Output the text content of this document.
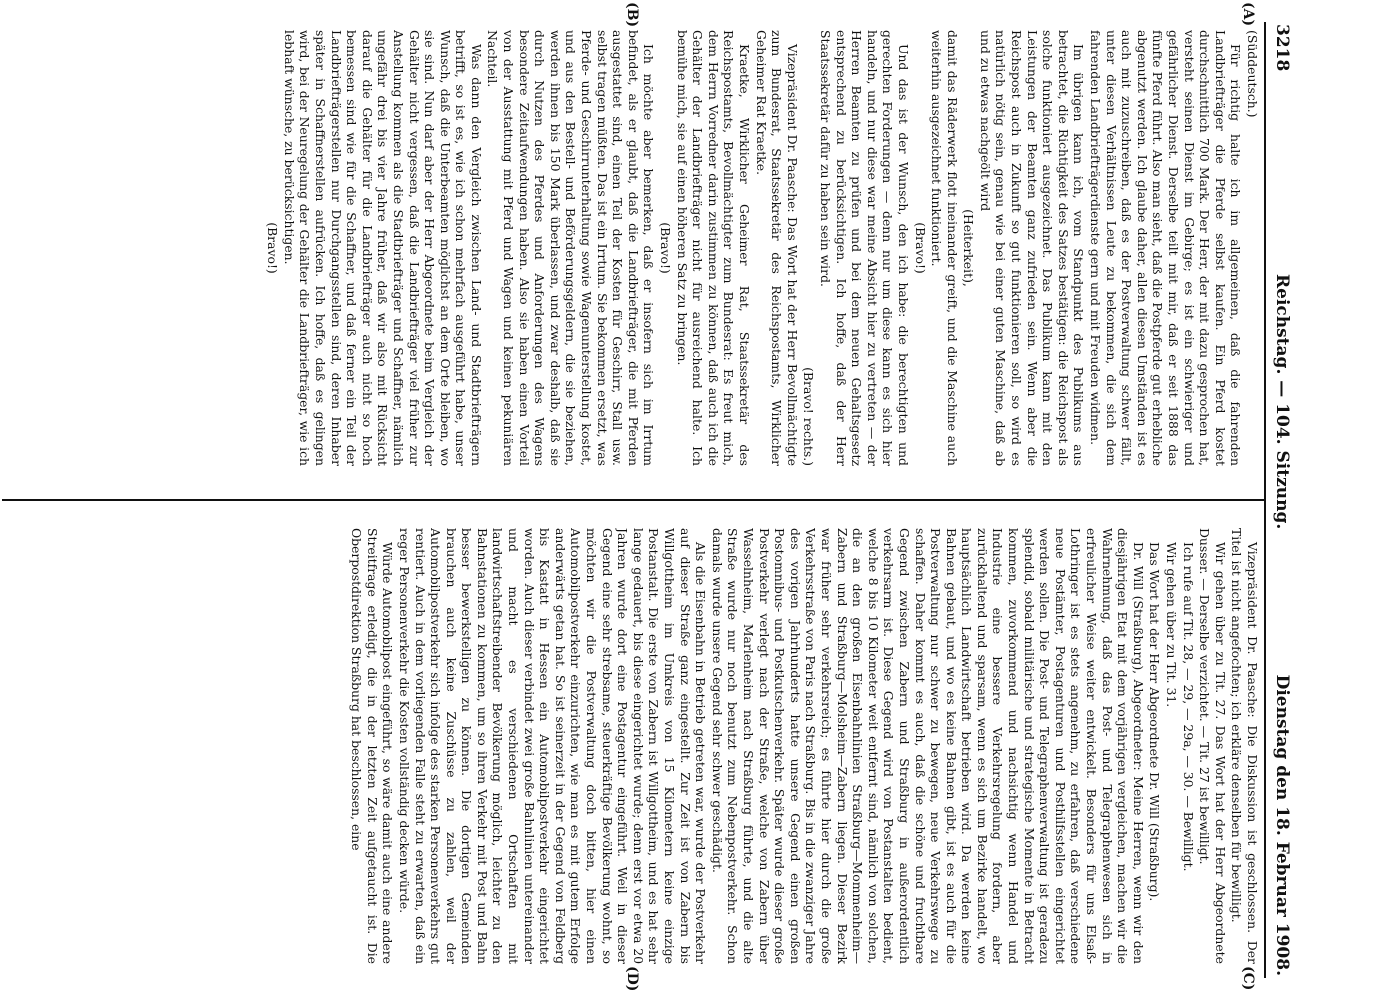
3218
Reichstag. — 104. Sitzung.
Dienstag den 18. Februar 1908.
(A)
(B)
(C)
(D)

(Süddeutsch.)

Für richtig halte ich im allgemeinen, daß die fahrenden Landbriefträger die Pferde selbst kaufen. Ein Pferd kostet durchschnittlich 700 Mark. Der Herr, der mit dazu gesprochen hat, versteht seinen Dienst im Gebirge; es ist ein schwieriger und gefährlicher Dienst. Derselbe teilt mit mir, daß er seit 1888 das fünfte Pferd führt. Also man sieht, daß die Postpferde gut erhebliche abgenutzt werden. Ich glaube daher, allen diesen Umständen ist es auch mit zuzuschreiben, daß es der Postverwaltung schwer fällt, unter diesen Verhältnissen Leute zu bekommen, die sich dem fahrenden Landbriefträgerdienste gern und mit Freuden widmen.

Im übrigen kann ich, vom Standpunkt des Publikums aus betrachtet, die Richtigkeit des Satzes bestätigen: die Reichspost als solche funktioniert ausgezeichnet. Das Publikum kann mit den Leistungen der Beamten ganz zufrieden sein. Wenn aber die Reichspost auch in Zukunft so gut funktionieren soll, so wird es natürlich nötig sein, genau wie bei einer guten Maschine, daß ab und zu etwas nachgeölt wird

(Heiterkeit),

damit das Räderwerk flott ineinander greift, und die Maschine auch weiterhin ausgezeichnet funktioniert.

(Bravo!)

Und das ist der Wunsch, den ich habe: die berechtigten und gerechten Forderungen — denn nur um diese kann es sich hier handeln, und nur diese war meine Absicht hier zu vertreten — der Herren Beamten zu prüfen und bei dem neuen Gehaltsgesetz entsprechend zu berücksichtigen. Ich hoffe, daß der Herr Staatssekretär dafür zu haben sein wird.

(Bravo! rechts.)

Vizepräsident Dr. Paasche: Das Wort hat der Herr Bevollmächtigte zum Bundesrat, Staatssekretär des Reichspostamts, Wirklicher Geheimer Rat Kraetke.

Kraetke, Wirklicher Geheimer Rat, Staatssekretär des Reichspostamts, Bevollmächtigter zum Bundesrat: Es freut mich, dem Herrn Vorredner darin zustimmen zu können, daß auch ich die Gehälter der Landbriefträger nicht für ausreichend halte. Ich bemühe mich, sie auf einen höheren Satz zu bringen.

(Bravo!)

Ich möchte aber bemerken, daß er insofern sich im Irrtum befindet, als er glaubt, daß die Landbriefträger, die mit Pferden ausgestattet sind, einen Teil der Kosten für Geschirr, Stall usw. selbst tragen müßten. Das ist ein Irrtum. Sie bekommen ersetzt, was Pferde- und Geschirrunterhaltung sowie Wagenunterstellung kostet, und aus den Bestell- und Beförderungsgeldern, die sie beziehen, werden ihnen bis 150 Mark überlassen, und zwar deshalb, daß sie durch Nutzen des Pferdes und Anforderungen des Wagens besondere Zeitaufwendungen haben. Also sie haben einen Vorteil von der Ausstattung mit Pferd und Wagen und keinen pekuniären Nachteil.

Was dann den Vergleich zwischen Land- und Stadtbriefträgern betrifft, so ist es, wie ich schon mehrfach ausgeführt habe, unser Wunsch, daß die Unterbeamten möglichst an dem Orte bleiben, wo sie sind. Nun darf aber der Herr Abgeordnete beim Vergleich der Gehälter nicht vergessen, daß die Landbriefträger viel früher zur Anstellung kommen als die Stadtbriefträger und Schaffner, nämlich ungefähr drei bis vier Jahre früher, daß wir also mit Rücksicht darauf die Gehälter für die Landbriefträger auch nicht so hoch bemessen sind wie für die Schaffner, und daß ferner ein Teil der Landbriefträgerstellen nur Durchgangsstellen sind, deren Inhaber später in Schaffnerstellen aufrücken. Ich hoffe, daß es gelingen wird, bei der Neuregelung der Gehälter die Landbriefträger, wie ich lebhaft wünsche, zu berücksichtigen.

(Bravo!)

Vizepräsident Dr. Paasche: Die Diskussion ist geschlossen. Der Titel ist nicht angefochten; ich erkläre denselben für bewilligt.

Wir gehen über zu Tit. 27. Das Wort hat der Herr Abgeordnete Dusser. — Derselbe verzichtet. — Tit. 27 ist bewilligt.

Ich rufe auf Tit. 28, — 29, — 29a, — 30. — Bewilligt.

Wir gehen über zu Tit. 31.

Das Wort hat der Herr Abgeordnete Dr. Will (Straßburg).

Dr. Will (Straßburg), Abgeordneter: Meine Herren, wenn wir den diesjährigen Etat mit dem vorjährigen vergleichen, machen wir die Wahrnehmung, daß das Post- und Telegraphenwesen sich in erfreulicher Weise weiter entwickelt. Besonders für uns Elsaß-Lothringer ist es stets angenehm, zu erfahren, daß verschiedene neue Postämter, Postagenturen und Posthilfsstellen eingerichtet werden sollen. Die Post- und Telegraphenverwaltung ist geradezu splendid, sobald militärische und strategische Momente in Betracht kommen, zuvorkommend und nachsichtig wenn Handel und Industrie eine bessere Verkehrsregelung fordern, aber zurückhaltend und sparsam, wenn es sich um Bezirke handelt, wo hauptsächlich Landwirtschaft betrieben wird. Da werden keine Bahnen gebaut, und wo es keine Bahnen gibt, ist es auch für die Postverwaltung nur schwer zu bewegen, neue Verkehrswege zu schaffen. Daher kommt es auch, daß die schöne und fruchtbare Gegend zwischen Zabern und Straßburg in außerordentlich verkehrsarm ist. Diese Gegend wird von Postanstalten bedient, welche 8 bis 10 Kilometer weit entfernt sind, nämlich von solchen, die an den großen Eisenbahnlinien Straßburg—Mommenheim—Zabern und Straßburg—Molsheim—Zabern liegen. Dieser Bezirk war früher sehr verkehrsreich; es führte hier durch die große Verkehrsstraße von Paris nach Straßburg. Bis in die zwanziger Jahre des vorigen Jahrhunderts hatte unsere Gegend einen großen Postomnibus- und Postkutschenverkehr. Später wurde dieser große Postverkehr verlegt nach der Straße, welche von Zabern über Wasselnheim, Marlenheim nach Straßburg führte, und die alte Straße wurde nur noch benutzt zum Nebenpostverkehr. Schon damals wurde unsere Gegend sehr schwer geschädigt.

Als die Eisenbahn in Betrieb getreten war, wurde der Postverkehr auf dieser Straße ganz eingestellt. Zur Zeit ist von Zabern bis Willgottheim im Umkreis von 15 Kilometern keine einzige Postanstalt. Die erste von Zabern ist Willgottheim, und es hat sehr lange gedauert, bis diese eingerichtet wurde; denn erst vor etwa 20 Jahren wurde dort eine Postagentur eingeführt. Weil in dieser Gegend eine sehr strebsame, steuerkräftige Bevölkerung wohnt, so möchten wir die Postverwaltung doch bitten, hier einen Automobilpostverkehr einzurichten, wie man es mit gutem Erfolge anderwärts getan hat. So ist seinerzeit in der Gegend von Feldberg bis Kastatt in Hessen ein Automobilpostverkehr eingerichtet worden. Auch dieser verbindet zwei große Bahnlinien untereinander und macht es verschiedenen Ortschaften mit landwirtschaftstreibender Bevölkerung möglich, leichter zu den Bahnstationen zu kommen, um so ihren Verkehr mit Post und Bahn besser bewerkstelligen zu können. Die dortigen Gemeinden brauchen auch keine Zuschüsse zu zahlen, weil der Automobilpostverkehr sich infolge des starken Personenverkehrs gut rentiert. Auch in dem vorliegenden Falle steht zu erwarten, daß ein reger Personenverkehr die Kosten vollständig decken würde.

Würde Automobilpost eingeführt, so wäre damit auch eine andere Streitfrage erledigt, die in der letzten Zeit aufgetaucht ist. Die Oberpostdirektion Straßburg hat beschlossen, eine
